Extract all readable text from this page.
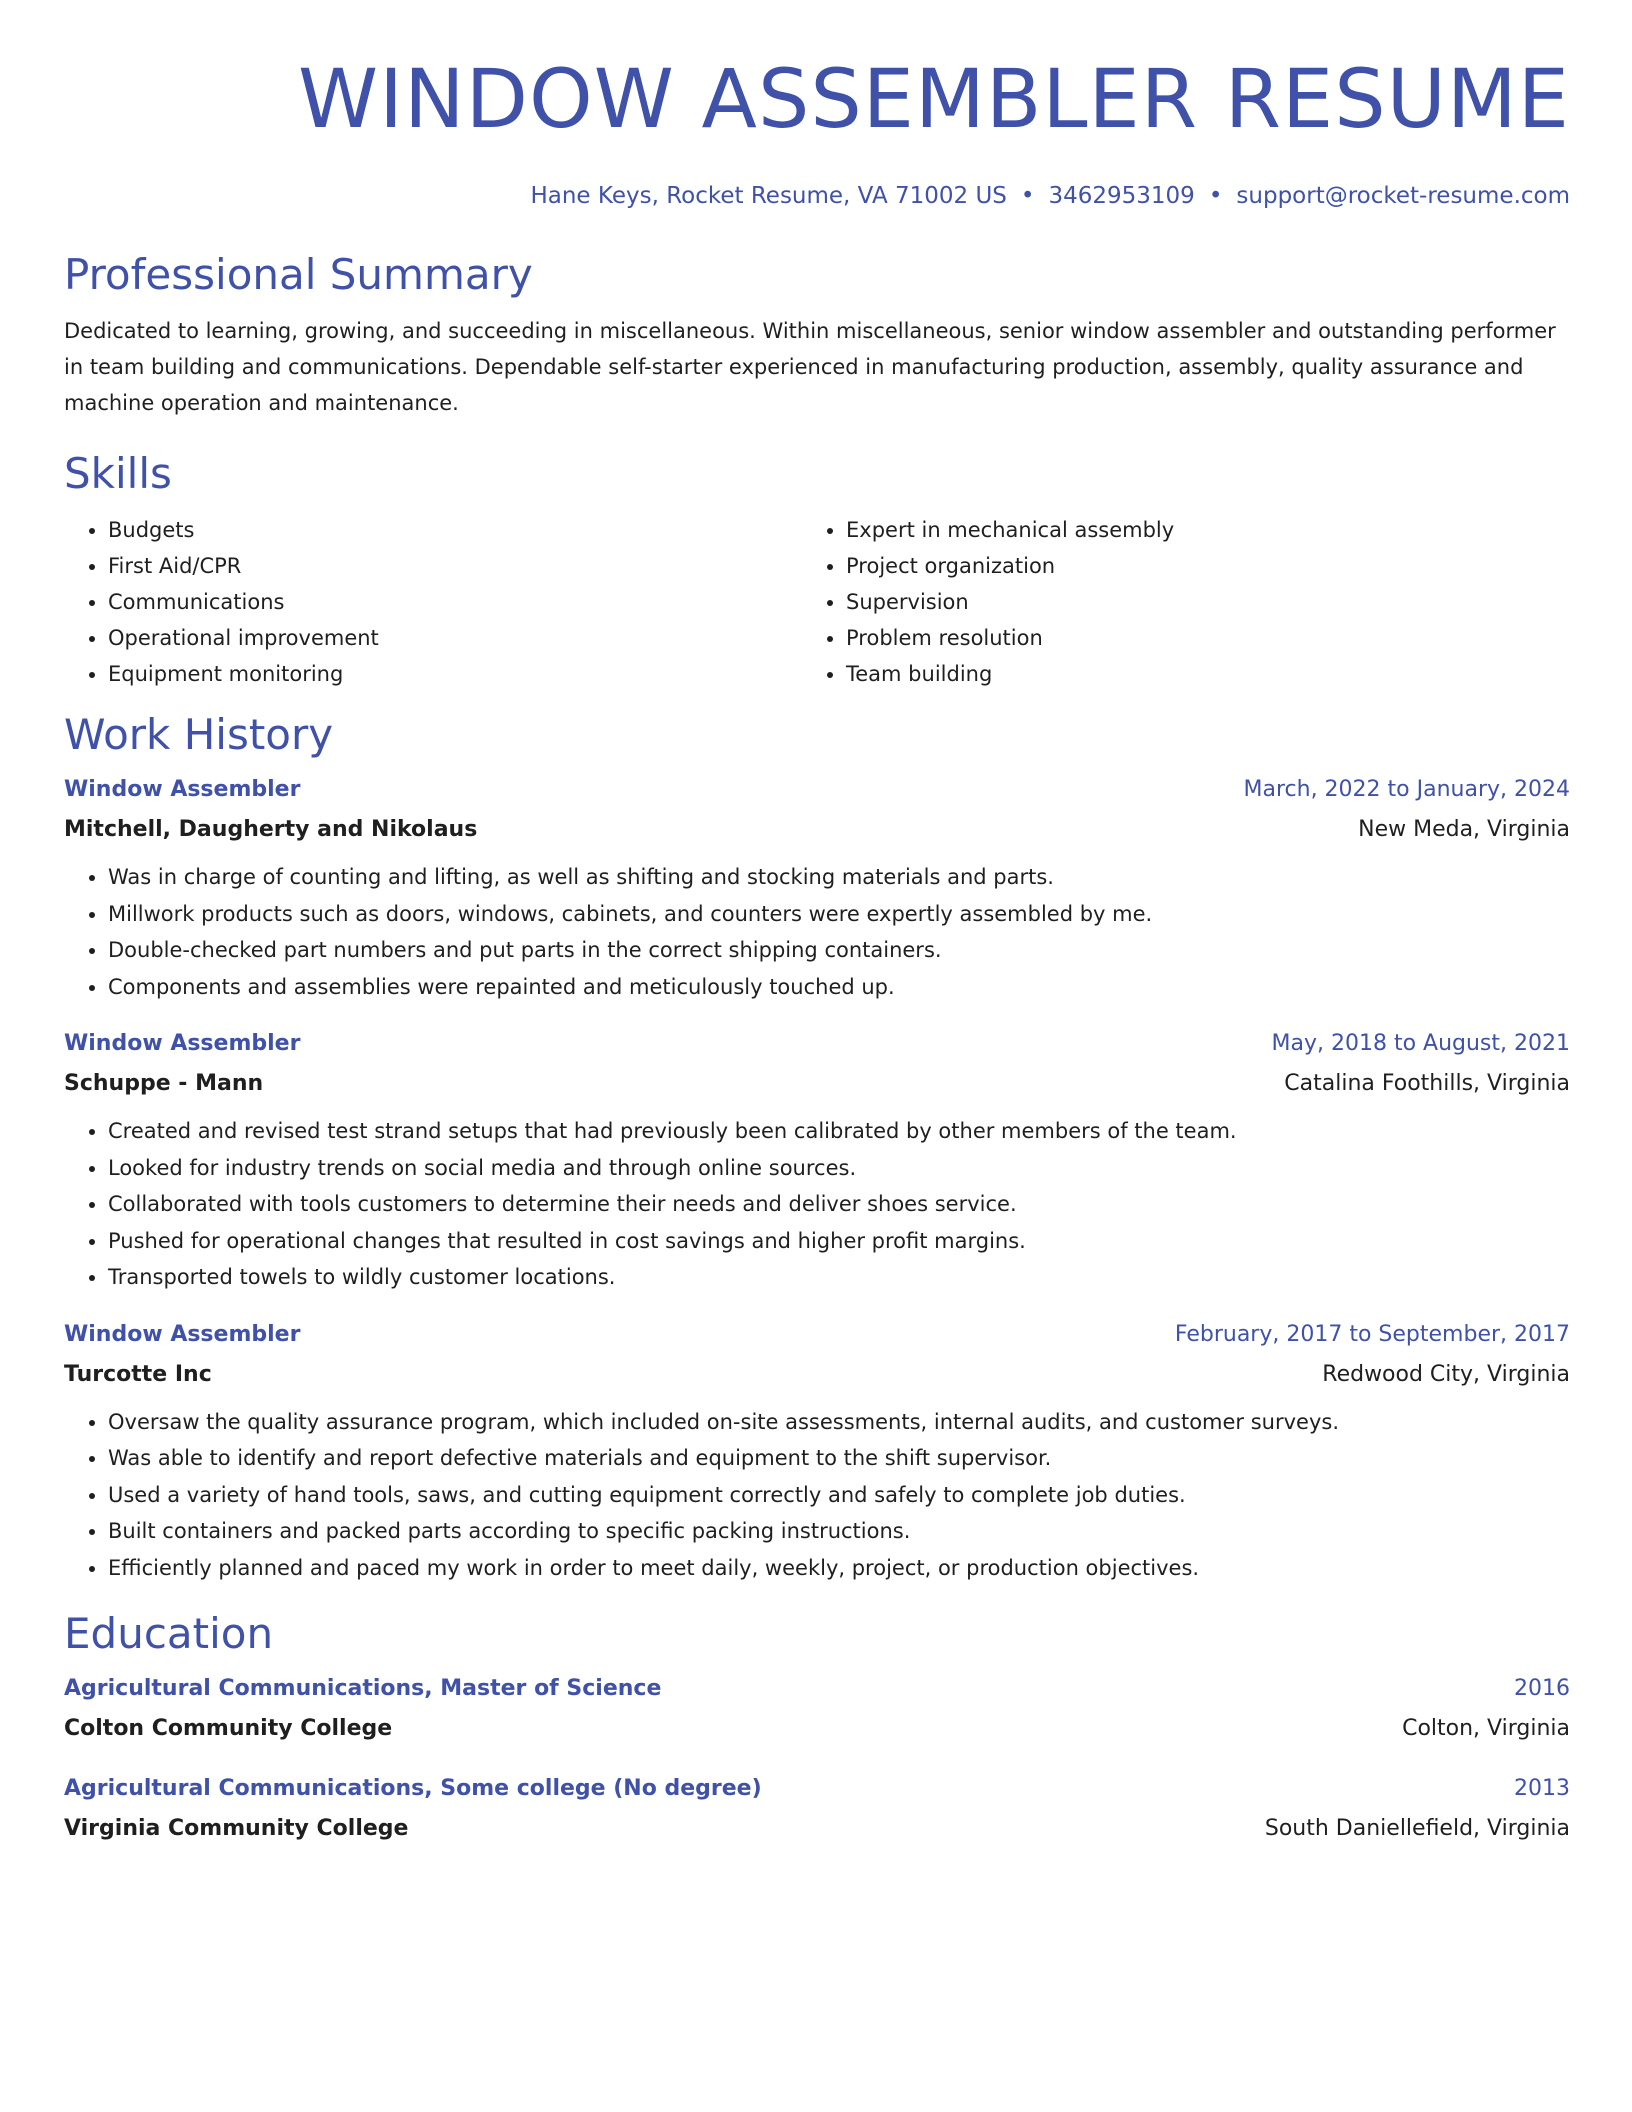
WINDOW ASSEMBLER RESUME
Hane Keys, Rocket Resume, VA 71002 US • 3462953109 • support@rocket-resume.com
Professional Summary
Dedicated to learning, growing, and succeeding in miscellaneous. Within miscellaneous, senior window assembler and outstanding performer in team building and communications. Dependable self-starter experienced in manufacturing production, assembly, quality assurance and machine operation and maintenance.
Skills
• Budgets
• First Aid/CPR
• Communications
• Operational improvement
• Equipment monitoring
• Expert in mechanical assembly
• Project organization
• Supervision
• Problem resolution
• Team building
Work History
Window Assembler	March, 2022 to January, 2024
Mitchell, Daugherty and Nikolaus	New Meda, Virginia
• Was in charge of counting and lifting, as well as shifting and stocking materials and parts.
• Millwork products such as doors, windows, cabinets, and counters were expertly assembled by me.
• Double-checked part numbers and put parts in the correct shipping containers.
• Components and assemblies were repainted and meticulously touched up.
Window Assembler	May, 2018 to August, 2021
Schuppe - Mann	Catalina Foothills, Virginia
• Created and revised test strand setups that had previously been calibrated by other members of the team.
• Looked for industry trends on social media and through online sources.
• Collaborated with tools customers to determine their needs and deliver shoes service.
• Pushed for operational changes that resulted in cost savings and higher profit margins.
• Transported towels to wildly customer locations.
Window Assembler	February, 2017 to September, 2017
Turcotte Inc	Redwood City, Virginia
• Oversaw the quality assurance program, which included on-site assessments, internal audits, and customer surveys.
• Was able to identify and report defective materials and equipment to the shift supervisor.
• Used a variety of hand tools, saws, and cutting equipment correctly and safely to complete job duties.
• Built containers and packed parts according to specific packing instructions.
• Efficiently planned and paced my work in order to meet daily, weekly, project, or production objectives.
Education
Agricultural Communications, Master of Science	2016
Colton Community College	Colton, Virginia
Agricultural Communications, Some college (No degree)	2013
Virginia Community College	South Daniellefield, Virginia
